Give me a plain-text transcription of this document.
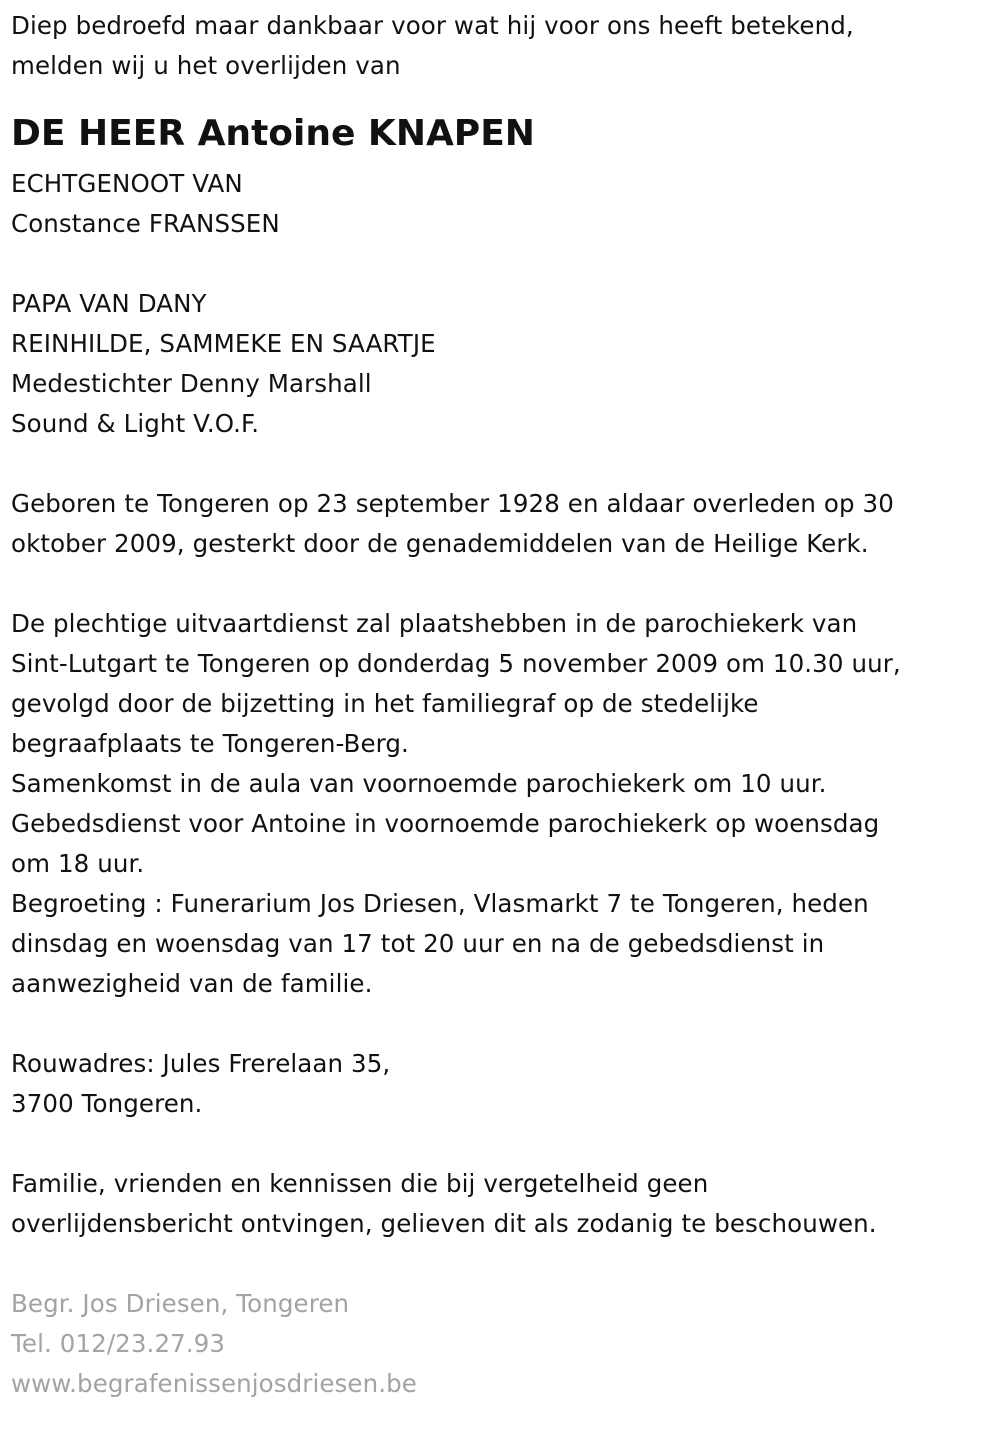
Diep bedroefd maar dankbaar voor wat hij voor ons heeft betekend,
melden wij u het overlijden van
DE HEER Antoine KNAPEN
ECHTGENOOT VAN
Constance FRANSSEN
PAPA VAN DANY
REINHILDE, SAMMEKE EN SAARTJE
Medestichter Denny Marshall
Sound & Light V.O.F.
Geboren te Tongeren op 23 september 1928 en aldaar overleden op 30
oktober 2009, gesterkt door de genademiddelen van de Heilige Kerk.
De plechtige uitvaartdienst zal plaatshebben in de parochiekerk van
Sint-Lutgart te Tongeren op donderdag 5 november 2009 om 10.30 uur,
gevolgd door de bijzetting in het familiegraf op de stedelijke
begraafplaats te Tongeren-Berg.
Samenkomst in de aula van voornoemde parochiekerk om 10 uur.
Gebedsdienst voor Antoine in voornoemde parochiekerk op woensdag
om 18 uur.
Begroeting : Funerarium Jos Driesen, Vlasmarkt 7 te Tongeren, heden
dinsdag en woensdag van 17 tot 20 uur en na de gebedsdienst in
aanwezigheid van de familie.
Rouwadres: Jules Frerelaan 35,
3700 Tongeren.
Familie, vrienden en kennissen die bij vergetelheid geen
overlijdensbericht ontvingen, gelieven dit als zodanig te beschouwen.
Begr. Jos Driesen, Tongeren
Tel. 012/23.27.93
www.begrafenissenjosdriesen.be
